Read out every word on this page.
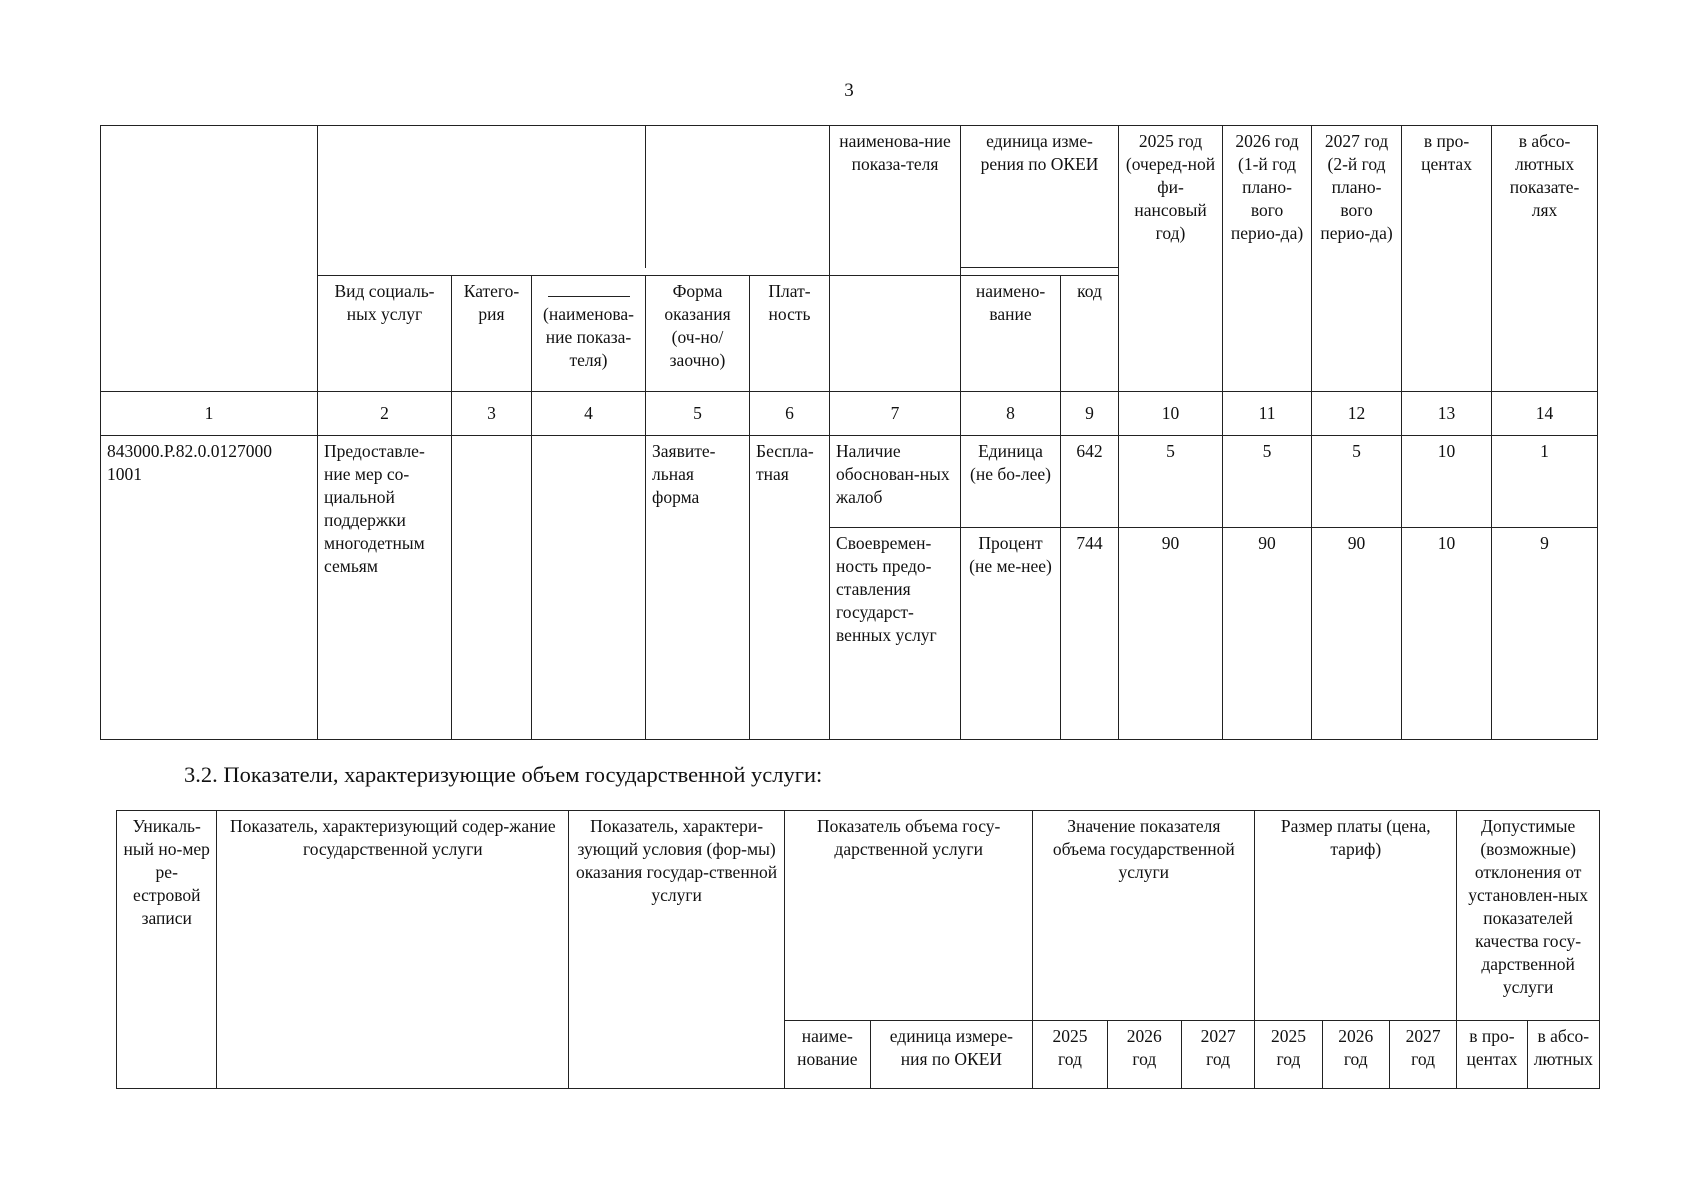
3
						наименова-ние показа-теля	единица изме-рения по ОКЕИ		2025 год (очеред-ной фи-нансовый год)	2026 год (1-й год плано-вого перио-да)	2027 год (2-й год плано-вого перио-да)	в про-центах	в абсо-лютных показате-лях

	Вид социаль-ных услуг	Катего-рия	(наименова-ние показа-теля)	Форма оказания (оч-но/заочно)	Плат-ность		наимено-вание	код					
1	2	3	4	5	6	7	8	9	10	11	12	13	14
843000.Р.82.0.0127000 1001	Предоставле-ние мер со-циальной поддержки многодетным семьям			Заявите-льная форма	Беспла-тная	Наличие обоснован-ных жалоб	Единица (не бо-лее)	642	5	5	5	10	1
						Своевремен-ность предо-ставления государст-венных услуг	Процент (не ме-нее)	744	90	90	90	10	9
3.2. Показатели, характеризующие объем государственной услуги:
Уникаль-ный но-мер ре-естровой записи	Показатель, характеризующий содер-жание государственной услуги	Показатель, характери-зующий условия (фор-мы) оказания государ-ственной услуги	Показатель объема госу-дарственной услуги		Значение показателя объема государственной услуги			Размер платы (цена, тариф)			Допустимые (возможные) отклонения от установлен-ных показателей качества госу-дарственной услуги	
			наиме-нование	единица измере-ния по ОКЕИ	2025 год	2026 год	2027 год	2025 год	2026 год	2027 год	в про-центах	в абсо-лютных
